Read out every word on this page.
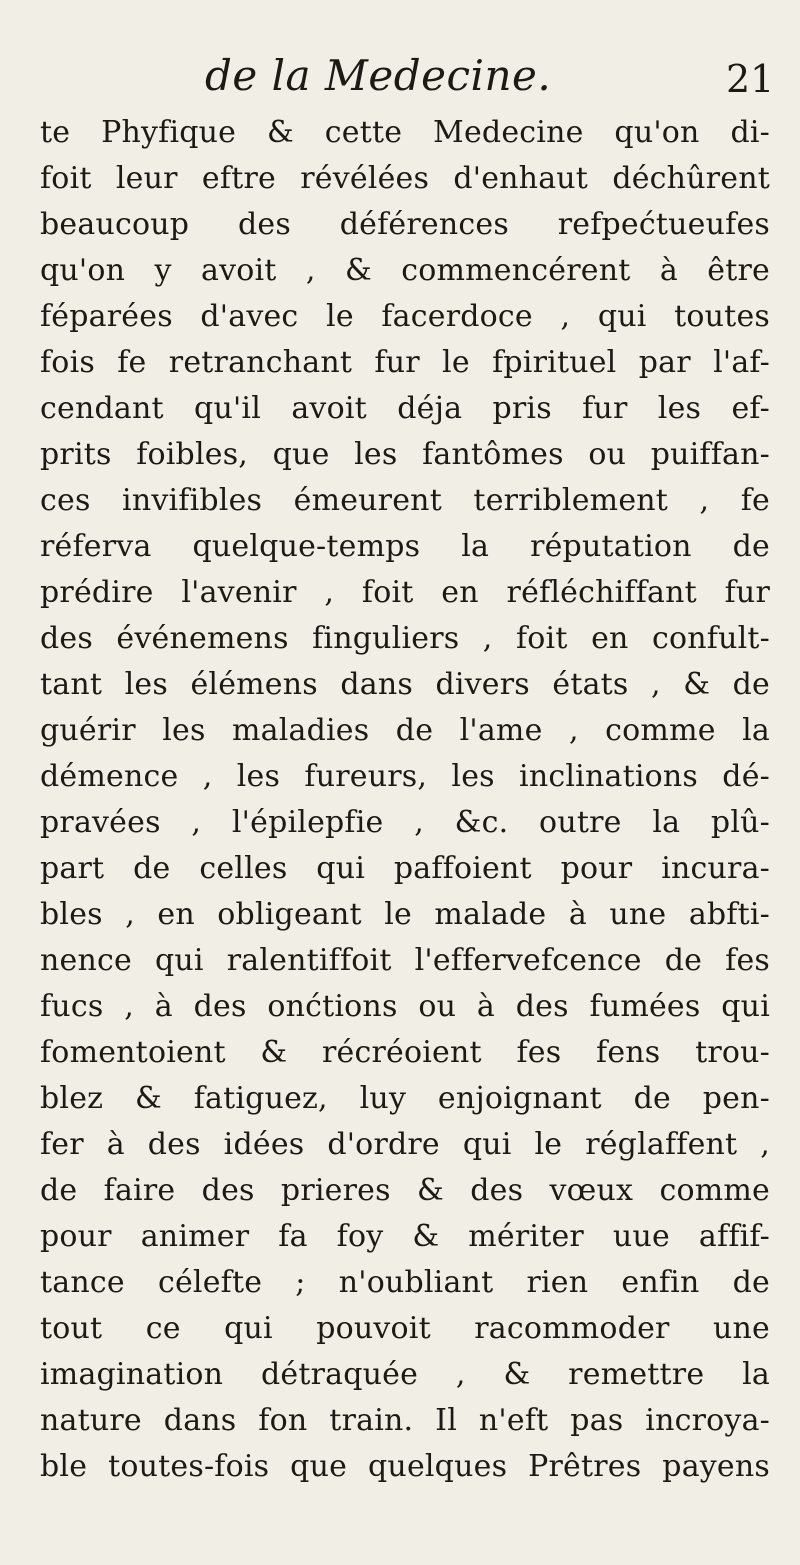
de la Medecine.	21
te Phyfique & cette Medecine qu'on di-
foit leur eftre révélées d'enhaut déchûrent
beaucoup des déférences refpećtueufes
qu'on y avoit , & commencérent à être
féparées d'avec le facerdoce , qui toutes
fois fe retranchant fur le fpirituel par l'af-
cendant qu'il avoit déja pris fur les ef-
prits foibles, que les fantômes ou puiffan-
ces invifibles émeurent terriblement , fe
réferva quelque-temps la réputation de
prédire l'avenir , foit en réfléchiffant fur
des événemens finguliers , foit en confult-
tant les élémens dans divers états , & de
guérir les maladies de l'ame , comme la
démence , les fureurs, les inclinations dé-
pravées , l'épilepfie , &c. outre la plû-
part de celles qui paffoient pour incura-
bles , en obligeant le malade à une abfti-
nence qui ralentiffoit l'effervefcence de fes
fucs , à des onćtions ou à des fumées qui
fomentoient & récréoient fes fens trou-
blez & fatiguez, luy enjoignant de pen-
fer à des idées d'ordre qui le réglaffent ,
de faire des prieres & des vœux comme
pour animer fa foy & mériter uue affif-
tance célefte ; n'oubliant rien enfin de
tout ce qui pouvoit racommoder une
imagination détraquée , & remettre la
nature dans fon train. Il n'eft pas incroya-
ble toutes-fois que quelques Prêtres payens
